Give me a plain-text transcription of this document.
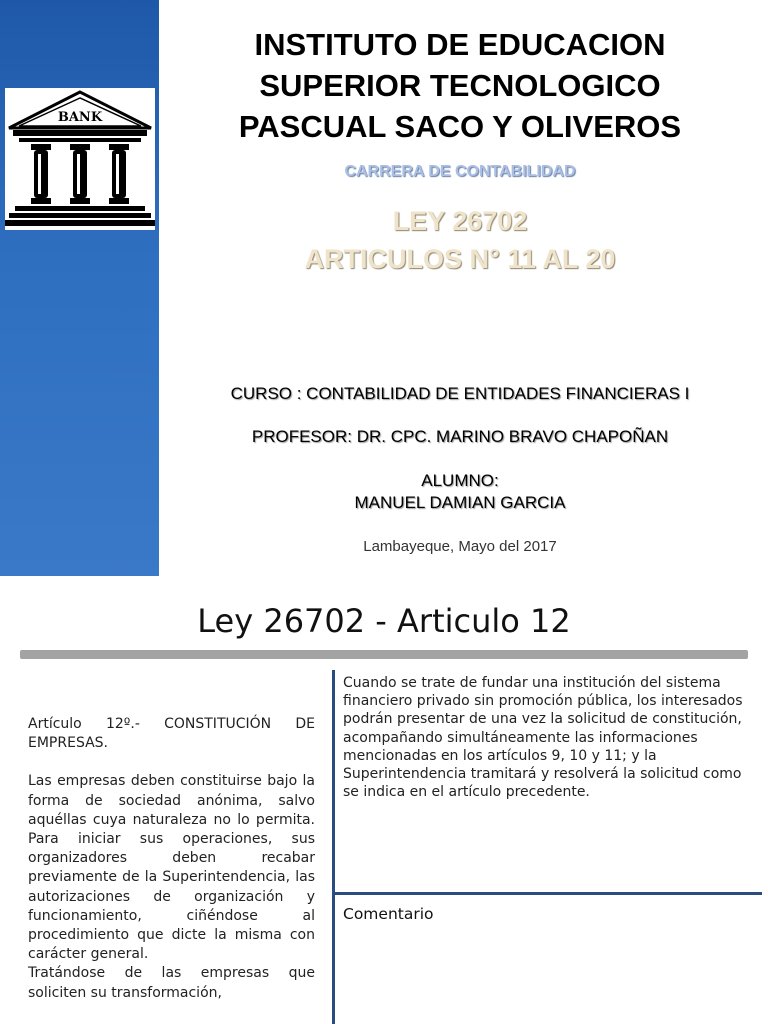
BANK
INSTITUTO DE EDUCACION
SUPERIOR TECNOLOGICO
PASCUAL SACO Y OLIVEROS
CARRERA DE CONTABILIDAD
LEY 26702
ARTICULOS N° 11 AL 20
CURSO : CONTABILIDAD DE ENTIDADES FINANCIERAS I
PROFESOR: DR. CPC. MARINO BRAVO CHAPOÑAN
ALUMNO:
MANUEL DAMIAN GARCIA
Lambayeque, Mayo del 2017
Ley 26702 - Articulo 12

Artículo 12º.- CONSTITUCIÓN DE EMPRESAS.

Las empresas deben constituirse bajo la forma de sociedad anónima, salvo aquéllas cuya naturaleza no lo permita. Para iniciar sus operaciones, sus organizadores deben recabar previamente de la Superintendencia, las autorizaciones de organización y funcionamiento, ciñéndose al procedimiento que dicte la misma con carácter general.

Tratándose de las empresas que soliciten su transformación,

Cuando se trate de fundar una institución del sistema financiero privado sin promoción pública, los interesados podrán presentar de una vez la solicitud de constitución, acompañando simultáneamente las informaciones mencionadas en los artículos 9, 10 y 11; y la Superintendencia tramitará y resolverá la solicitud como se indica en el artículo precedente.
Comentario
